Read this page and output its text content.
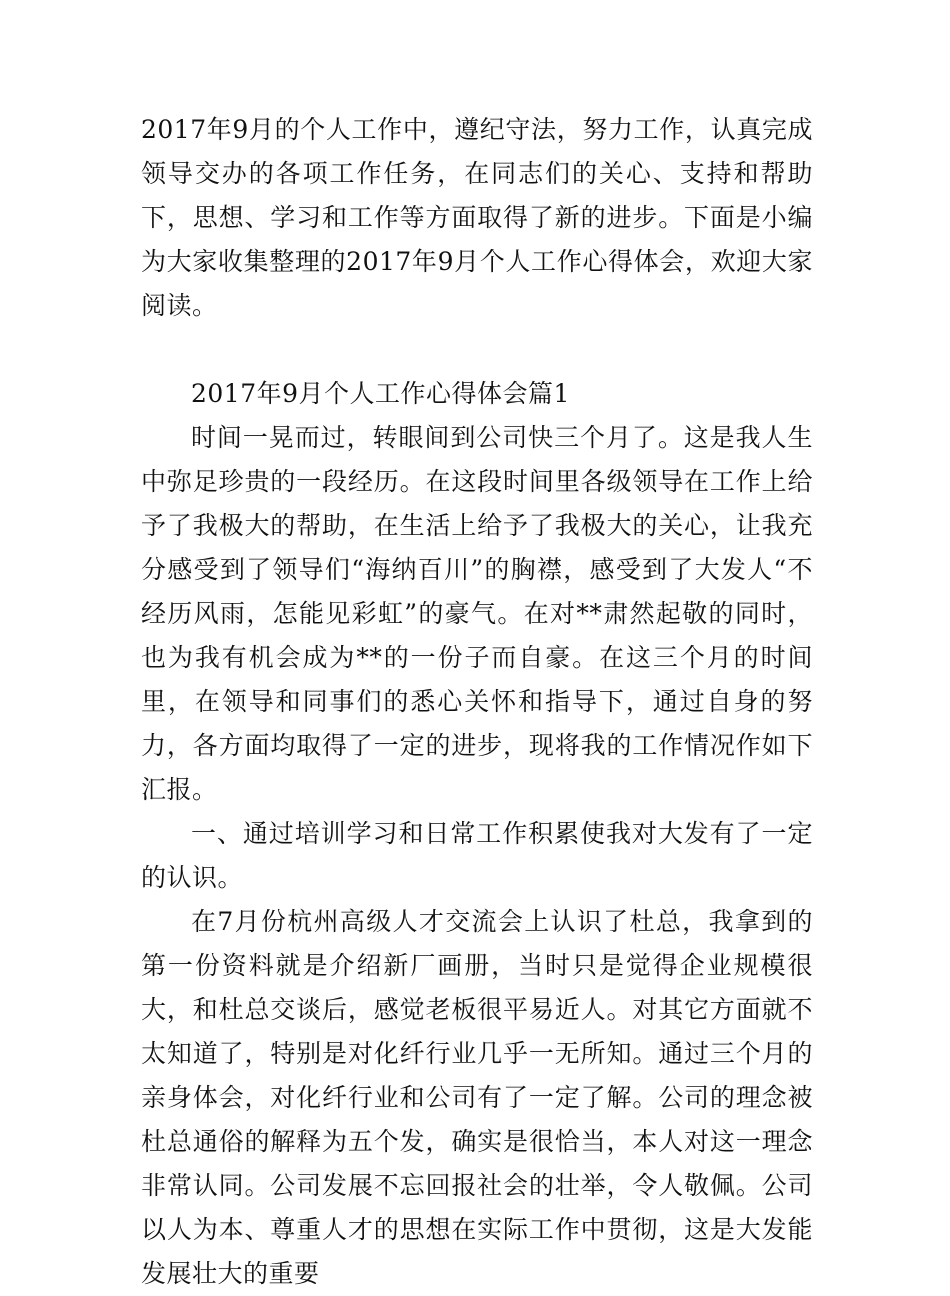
2017年9月的个人工作中，遵纪守法，努力工作，认真完成领导交办的各项工作任务，在同志们的关心、支持和帮助下，思想、学习和工作等方面取得了新的进步。下面是小编为大家收集整理的2017年9月个人工作心得体会，欢迎大家阅读。

2017年9月个人工作心得体会篇1

时间一晃而过，转眼间到公司快三个月了。这是我人生中弥足珍贵的一段经历。在这段时间里各级领导在工作上给予了我极大的帮助，在生活上给予了我极大的关心，让我充分感受到了领导们“海纳百川”的胸襟，感受到了大发人“不经历风雨，怎能见彩虹”的豪气。在对**肃然起敬的同时，也为我有机会成为**的一份子而自豪。在这三个月的时间里，在领导和同事们的悉心关怀和指导下，通过自身的努力，各方面均取得了一定的进步，现将我的工作情况作如下汇报。

一、通过培训学习和日常工作积累使我对大发有了一定的认识。

在7月份杭州高级人才交流会上认识了杜总，我拿到的第一份资料就是介绍新厂画册，当时只是觉得企业规模很大，和杜总交谈后，感觉老板很平易近人。对其它方面就不太知道了，特别是对化纤行业几乎一无所知。通过三个月的亲身体会，对化纤行业和公司有了一定了解。公司的理念被杜总通俗的解释为五个发，确实是很恰当，本人对这一理念非常认同。公司发展不忘回报社会的壮举，令人敬佩。公司以人为本、尊重人才的思想在实际工作中贯彻，这是大发能发展壮大的重要
